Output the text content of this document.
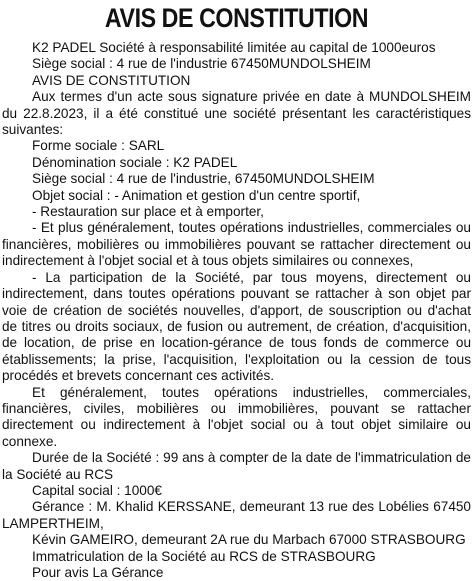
AVIS DE CONSTITUTION

K2 PADEL Société à responsabilité limitée au capital de 1000euros

Siège social : 4 rue de l'industrie 67450MUNDOLSHEIM

AVIS DE CONSTITUTION

Aux termes d'un acte sous signature privée en date à MUNDOLSHEIM du 22.8.2023, il a été constitué une société présentant les caractéristiques suivantes:

Forme sociale : SARL

Dénomination sociale : K2 PADEL

Siège social : 4 rue de l'industrie, 67450MUNDOLSHEIM

Objet social : - Animation et gestion d'un centre sportif,

- Restauration sur place et à emporter,

- Et plus généralement, toutes opérations industrielles, commerciales ou financières, mobilières ou immobilières pouvant se rattacher directement ou indirectement à l'objet social et à tous objets similaires ou connexes,

- La participation de la Société, par tous moyens, directement ou indirectement, dans toutes opérations pouvant se rattacher à son objet par voie de création de sociétés nouvelles, d'apport, de souscription ou d'achat de titres ou droits sociaux, de fusion ou autrement, de création, d'acquisition, de location, de prise en location-gérance de tous fonds de commerce ou établissements; la prise, l'acquisition, l'exploitation ou la cession de tous procédés et brevets concernant ces activités.

Et généralement, toutes opérations industrielles, commerciales, financières, civiles, mobilières ou immobilières, pouvant se rattacher directement ou indirectement à l'objet social ou à tout objet similaire ou connexe.

Durée de la Société : 99 ans à compter de la date de l'immatriculation de la Société au RCS

Capital social : 1000€

Gérance : M. Khalid KERSSANE, demeurant 13 rue des Lobélies 67450 LAMPERTHEIM,

Kévin GAMEIRO, demeurant 2A rue du Marbach 67000 STRASBOURG

Immatriculation de la Société au RCS de STRASBOURG

Pour avis La Gérance
